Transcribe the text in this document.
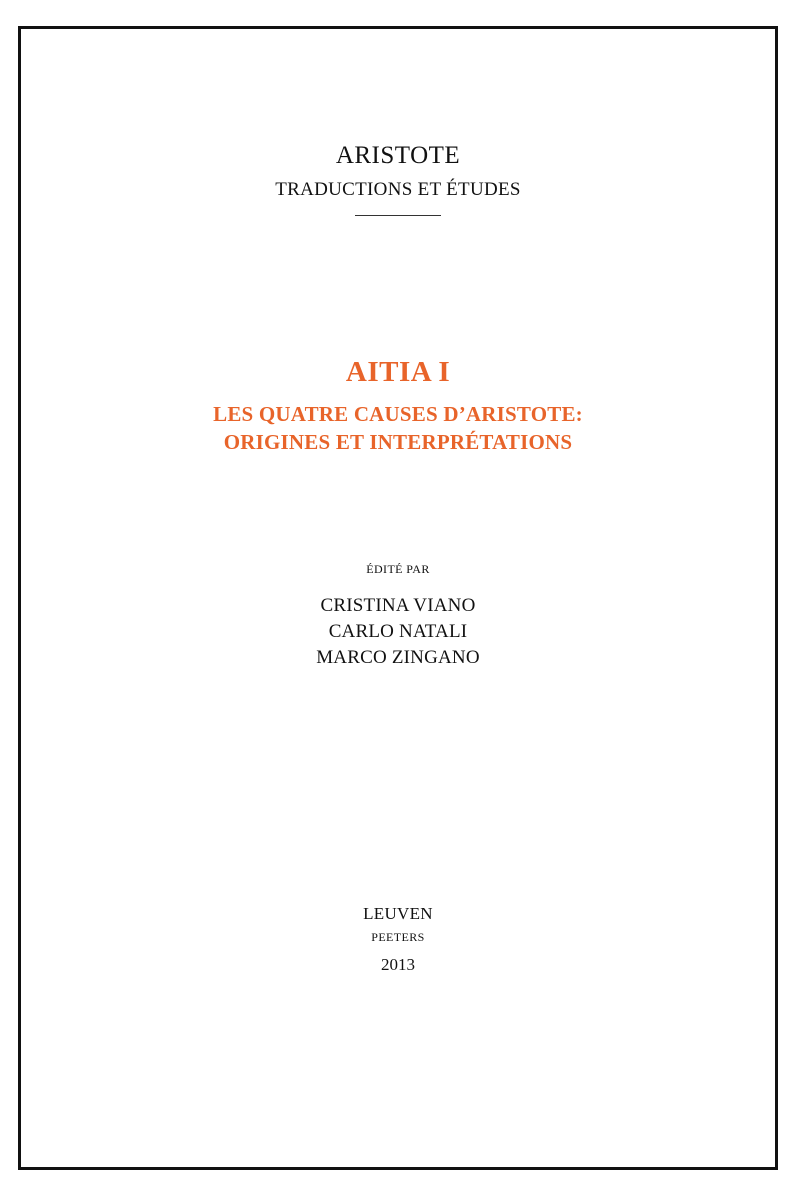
ARISTOTE
TRADUCTIONS ET ÉTUDES
AITIA I
LES QUATRE CAUSES D’ARISTOTE:
ORIGINES ET INTERPRÉTATIONS
ÉDITÉ PAR
CRISTINA VIANO
CARLO NATALI
MARCO ZINGANO
LEUVEN
PEETERS
2013
